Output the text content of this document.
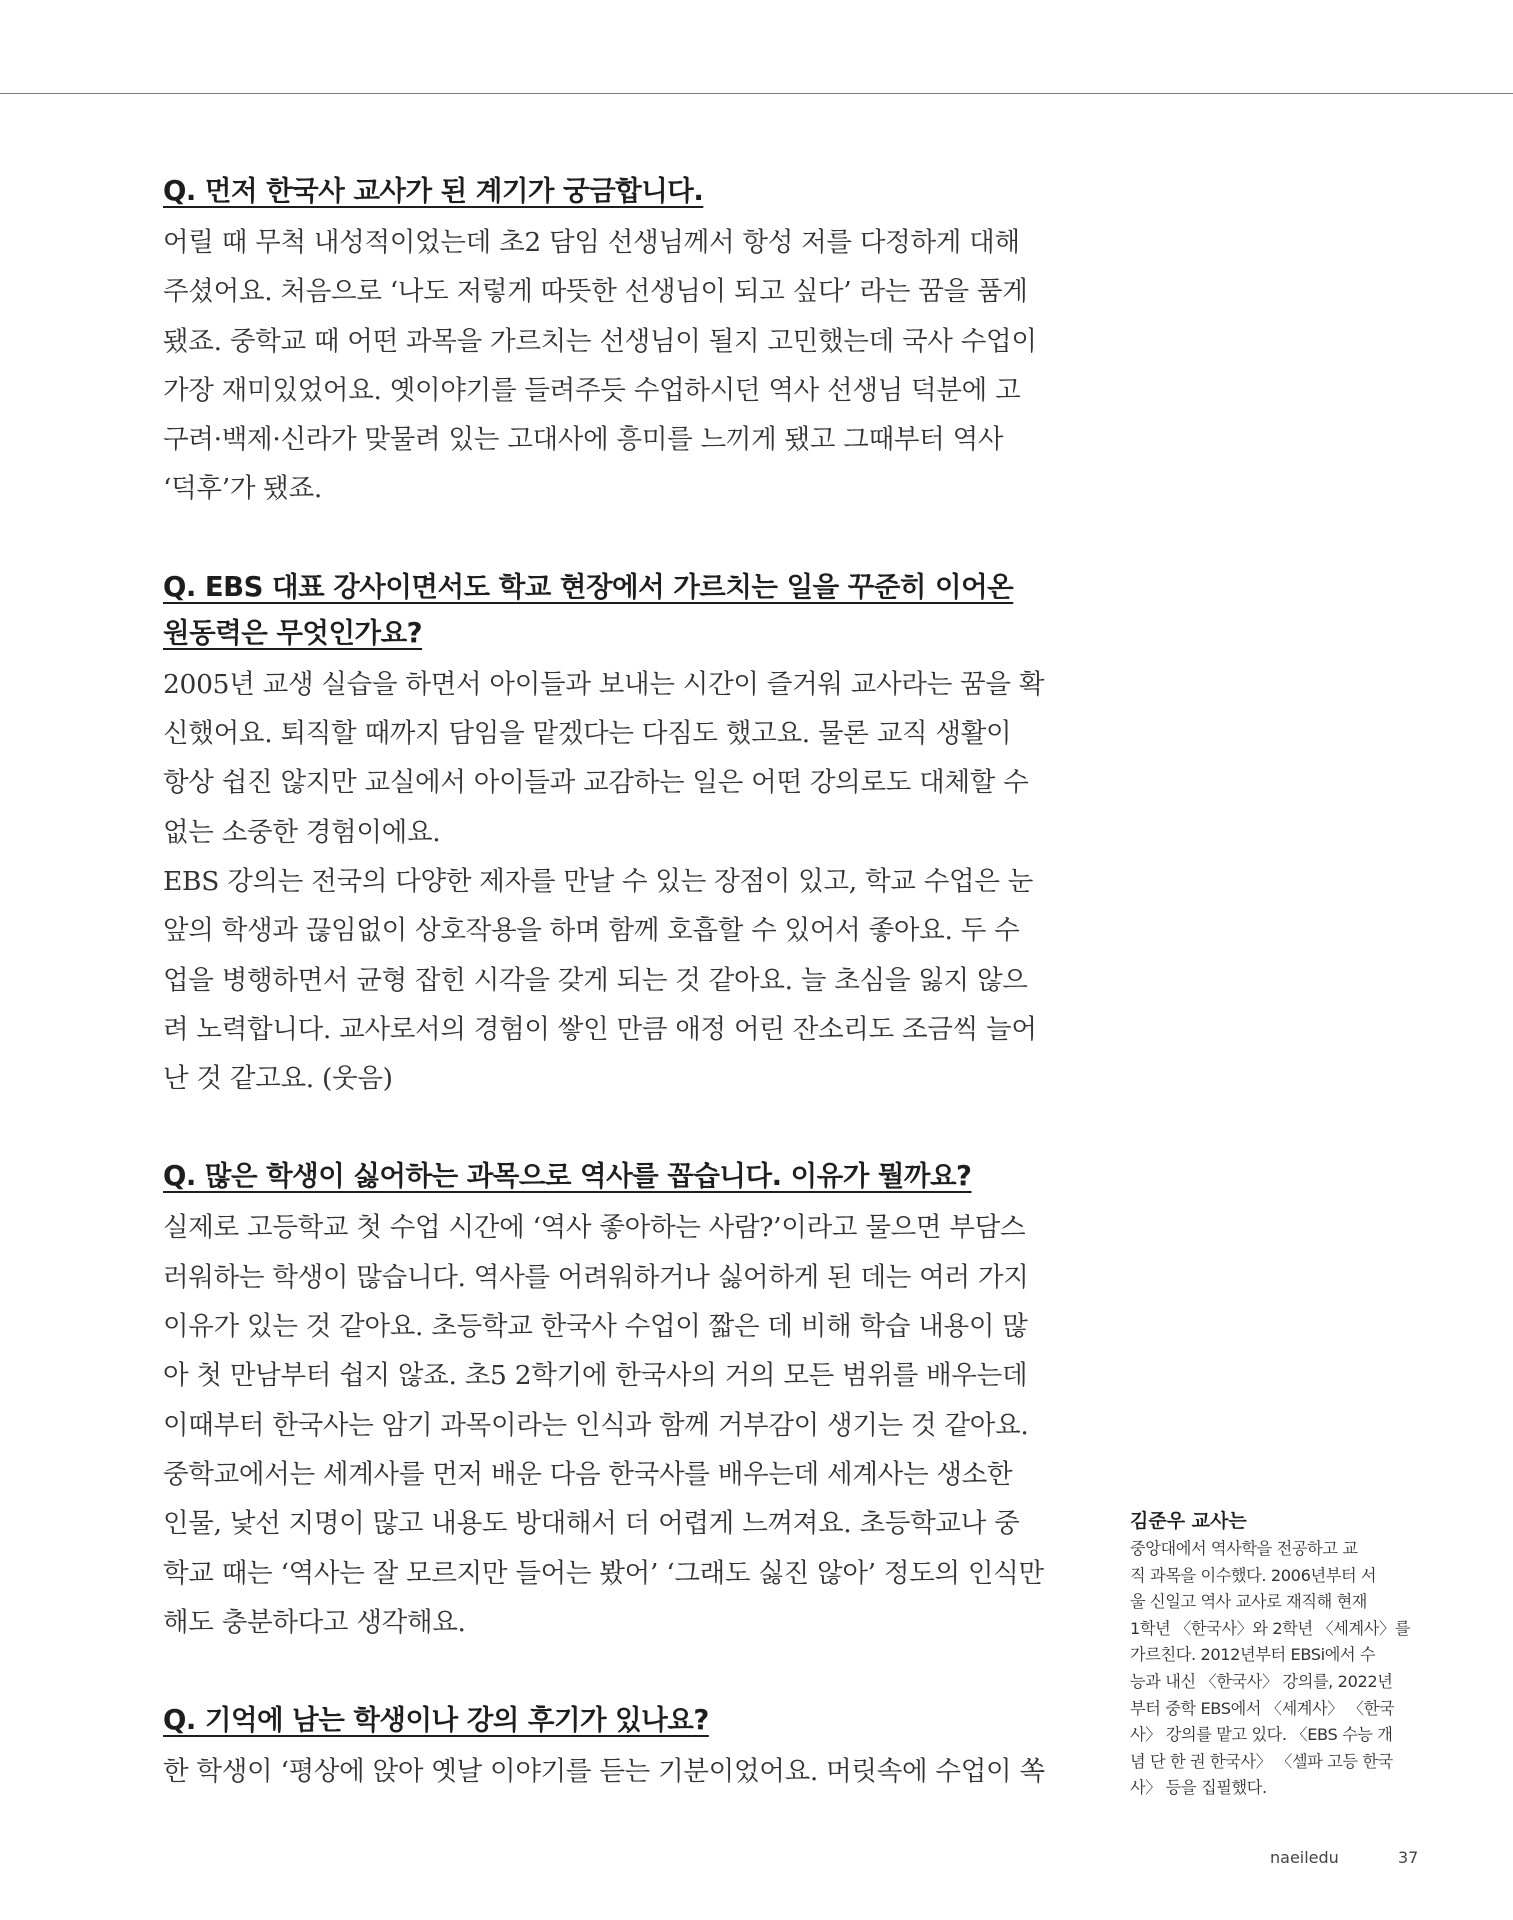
Q. 먼저 한국사 교사가 된 계기가 궁금합니다.

어릴 때 무척 내성적이었는데 초2 담임 선생님께서 항성 저를 다정하게 대해
주셨어요. 처음으로 ‘나도 저렇게 따뜻한 선생님이 되고 싶다’ 라는 꿈을 품게
됐죠. 중학교 때 어떤 과목을 가르치는 선생님이 될지 고민했는데 국사 수업이
가장 재미있었어요. 옛이야기를 들려주듯 수업하시던 역사 선생님 덕분에 고
구려·백제·신라가 맞물려 있는 고대사에 흥미를 느끼게 됐고 그때부터 역사
‘덕후’가 됐죠.

Q. EBS 대표 강사이면서도 학교 현장에서 가르치는 일을 꾸준히 이어온
원동력은 무엇인가요?

2005년 교생 실습을 하면서 아이들과 보내는 시간이 즐거워 교사라는 꿈을 확
신했어요. 퇴직할 때까지 담임을 맡겠다는 다짐도 했고요. 물론 교직 생활이
항상 쉽진 않지만 교실에서 아이들과 교감하는 일은 어떤 강의로도 대체할 수
없는 소중한 경험이에요.
EBS 강의는 전국의 다양한 제자를 만날 수 있는 장점이 있고, 학교 수업은 눈
앞의 학생과 끊임없이 상호작용을 하며 함께 호흡할 수 있어서 좋아요. 두 수
업을 병행하면서 균형 잡힌 시각을 갖게 되는 것 같아요. 늘 초심을 잃지 않으
려 노력합니다. 교사로서의 경험이 쌓인 만큼 애정 어린 잔소리도 조금씩 늘어
난 것 같고요. (웃음)

Q. 많은 학생이 싫어하는 과목으로 역사를 꼽습니다. 이유가 뭘까요?

실제로 고등학교 첫 수업 시간에 ‘역사 좋아하는 사람?’이라고 물으면 부담스
러워하는 학생이 많습니다. 역사를 어려워하거나 싫어하게 된 데는 여러 가지
이유가 있는 것 같아요. 초등학교 한국사 수업이 짧은 데 비해 학습 내용이 많
아 첫 만남부터 쉽지 않죠. 초5 2학기에 한국사의 거의 모든 범위를 배우는데
이때부터 한국사는 암기 과목이라는 인식과 함께 거부감이 생기는 것 같아요.
중학교에서는 세계사를 먼저 배운 다음 한국사를 배우는데 세계사는 생소한
인물, 낯선 지명이 많고 내용도 방대해서 더 어렵게 느껴져요. 초등학교나 중
학교 때는 ‘역사는 잘 모르지만 들어는 봤어’ ‘그래도 싫진 않아’ 정도의 인식만
해도 충분하다고 생각해요.

Q. 기억에 남는 학생이나 강의 후기가 있나요?

한 학생이 ‘평상에 앉아 옛날 이야기를 듣는 기분이었어요. 머릿속에 수업이 쏙

김준우 교사는

중앙대에서 역사학을 전공하고 교
직 과목을 이수했다. 2006년부터 서
울 신일고 역사 교사로 재직해 현재
1학년 〈한국사〉와 2학년 〈세계사〉를
가르친다. 2012년부터 EBSi에서 수
능과 내신 〈한국사〉 강의를, 2022년
부터 중학 EBS에서 〈세계사〉 〈한국
사〉 강의를 맡고 있다. 〈EBS 수능 개
념 단 한 권 한국사〉 〈셀파 고등 한국
사〉 등을 집필했다.

naeiledu	37
